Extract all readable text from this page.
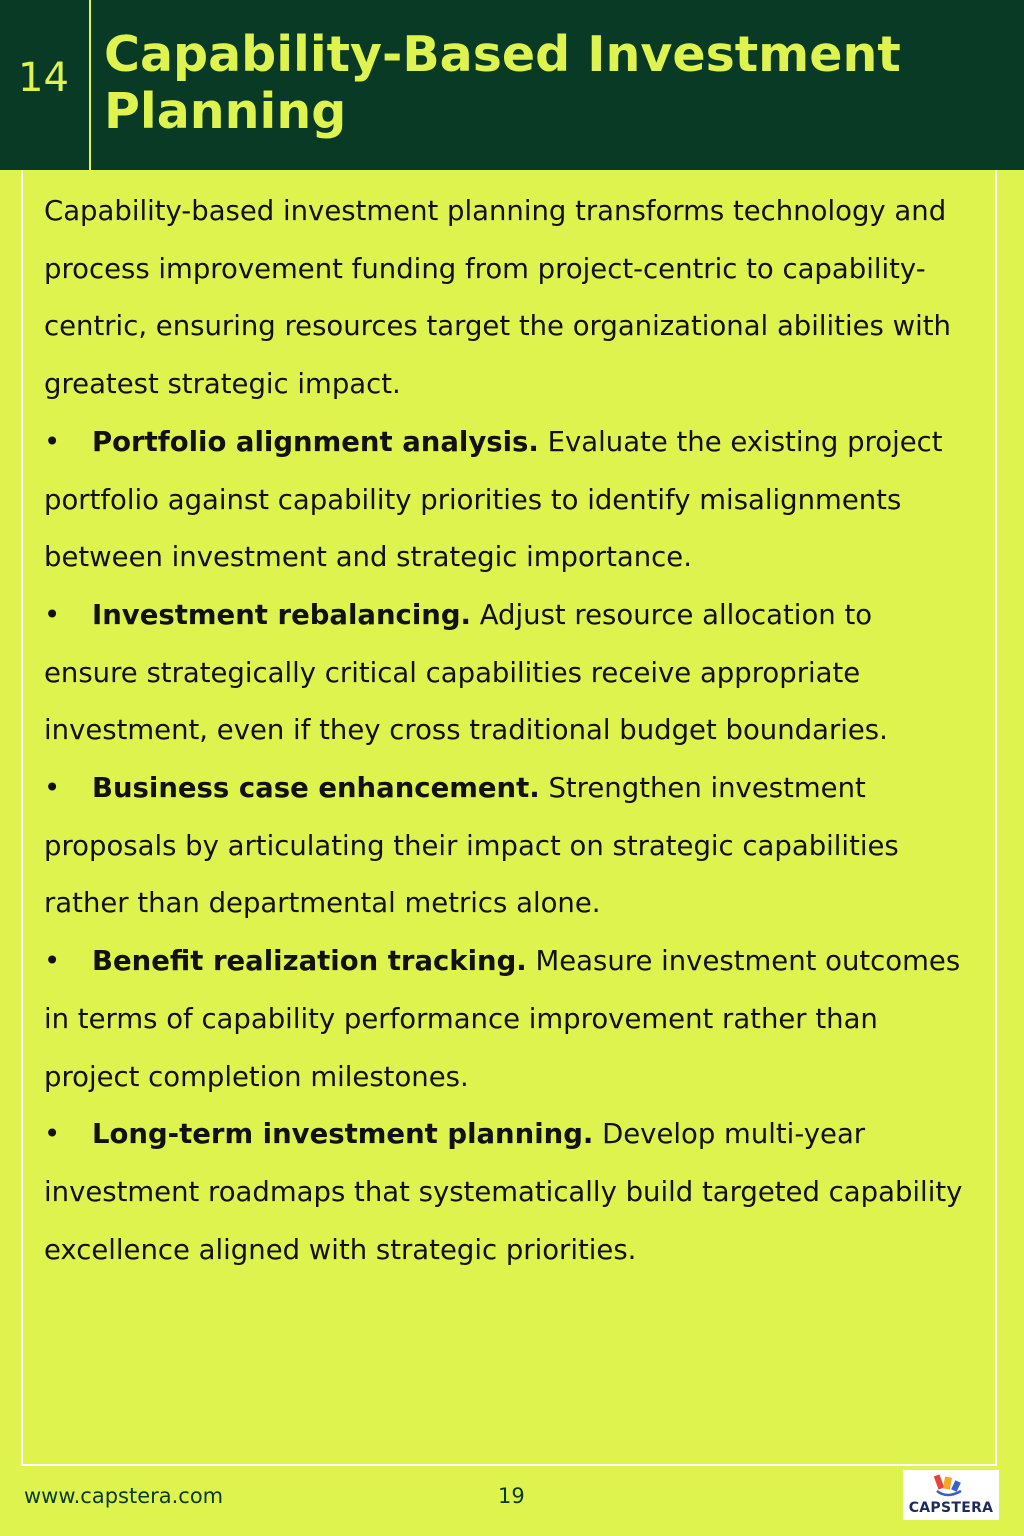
14 Capability-Based Investment Planning

Capability-based investment planning transforms technology and process improvement funding from project-centric to capability-centric, ensuring resources target the organizational abilities with greatest strategic impact.

• Portfolio alignment analysis. Evaluate the existing project portfolio against capability priorities to identify misalignments between investment and strategic importance.

• Investment rebalancing. Adjust resource allocation to ensure strategically critical capabilities receive appropriate investment, even if they cross traditional budget boundaries.

• Business case enhancement. Strengthen investment proposals by articulating their impact on strategic capabilities rather than departmental metrics alone.

• Benefit realization tracking. Measure investment outcomes in terms of capability performance improvement rather than project completion milestones.

• Long-term investment planning. Develop multi-year investment roadmaps that systematically build targeted capability excellence aligned with strategic priorities.

www.capstera.com	19	CAPSTERA
